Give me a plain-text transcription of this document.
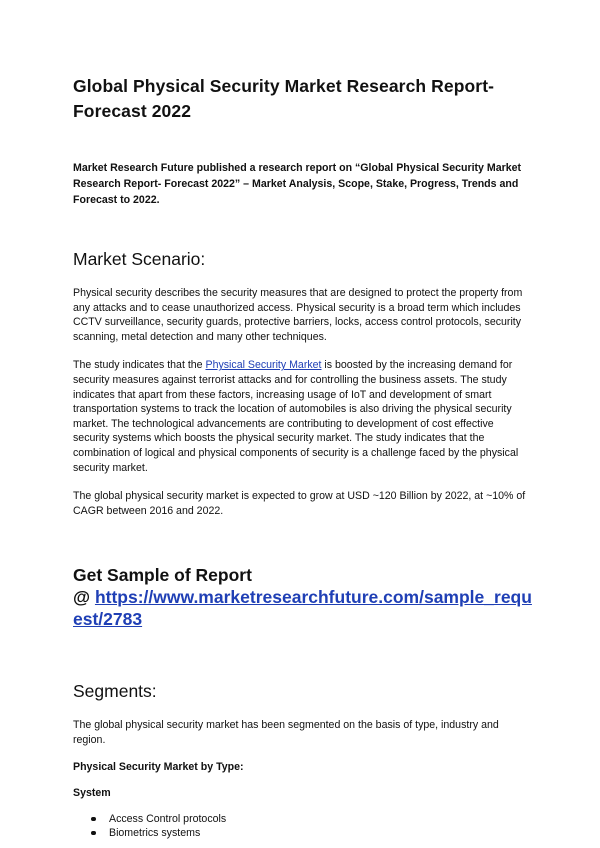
Global Physical Security Market Research Report- Forecast 2022

Market Research Future published a research report on “Global Physical Security Market Research Report- Forecast 2022” – Market Analysis, Scope, Stake, Progress, Trends and Forecast to 2022.

Market Scenario:

Physical security describes the security measures that are designed to protect the property from any attacks and to cease unauthorized access. Physical security is a broad term which includes CCTV surveillance, security guards, protective barriers, locks, access control protocols, security scanning, metal detection and many other techniques.

The study indicates that the Physical Security Market is boosted by the increasing demand for security measures against terrorist attacks and for controlling the business assets. The study indicates that apart from these factors, increasing usage of IoT and development of smart transportation systems to track the location of automobiles is also driving the physical security market. The technological advancements are contributing to development of cost effective security systems which boosts the physical security market. The study indicates that the combination of logical and physical components of security is a challenge faced by the physical security market.

The global physical security market is expected to grow at USD ~120 Billion by 2022, at ~10% of CAGR between 2016 and 2022.

Get Sample of Report

@ https://www.marketresearchfuture.com/sample_request/2783

Segments:

The global physical security market has been segmented on the basis of type, industry and region.

Physical Security Market by Type:

System

Access Control protocols
Biometrics systems
